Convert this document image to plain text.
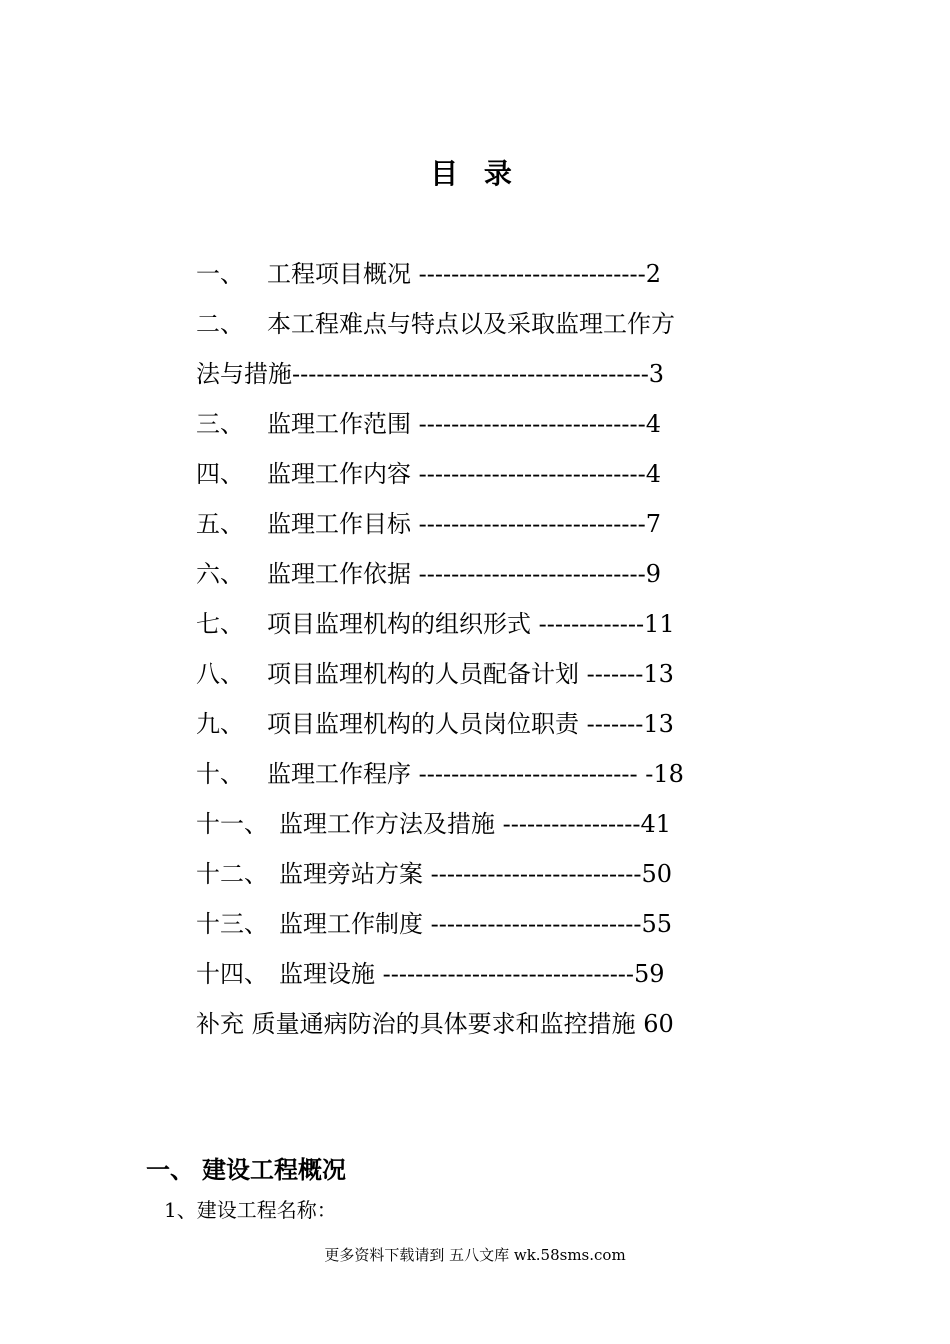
目 录
一、 工程项目概况 ----------------------------2
二、 本工程难点与特点以及采取监理工作方
法与措施--------------------------------------------3
三、 监理工作范围 ----------------------------4
四、 监理工作内容 ----------------------------4
五、 监理工作目标 ----------------------------7
六、 监理工作依据 ----------------------------9
七、 项目监理机构的组织形式 -------------11
八、 项目监理机构的人员配备计划 -------13
九、 项目监理机构的人员岗位职责 -------13
十、 监理工作程序 --------------------------- -18
十一、 监理工作方法及措施 -----------------41
十二、 监理旁站方案 --------------------------50
十三、 监理工作制度 --------------------------55
十四、 监理设施 -------------------------------59
补充 质量通病防治的具体要求和监控措施 60
一、 建设工程概况
1、建设工程名称：
更多资料下载请到 五八文库 wk.58sms.com
